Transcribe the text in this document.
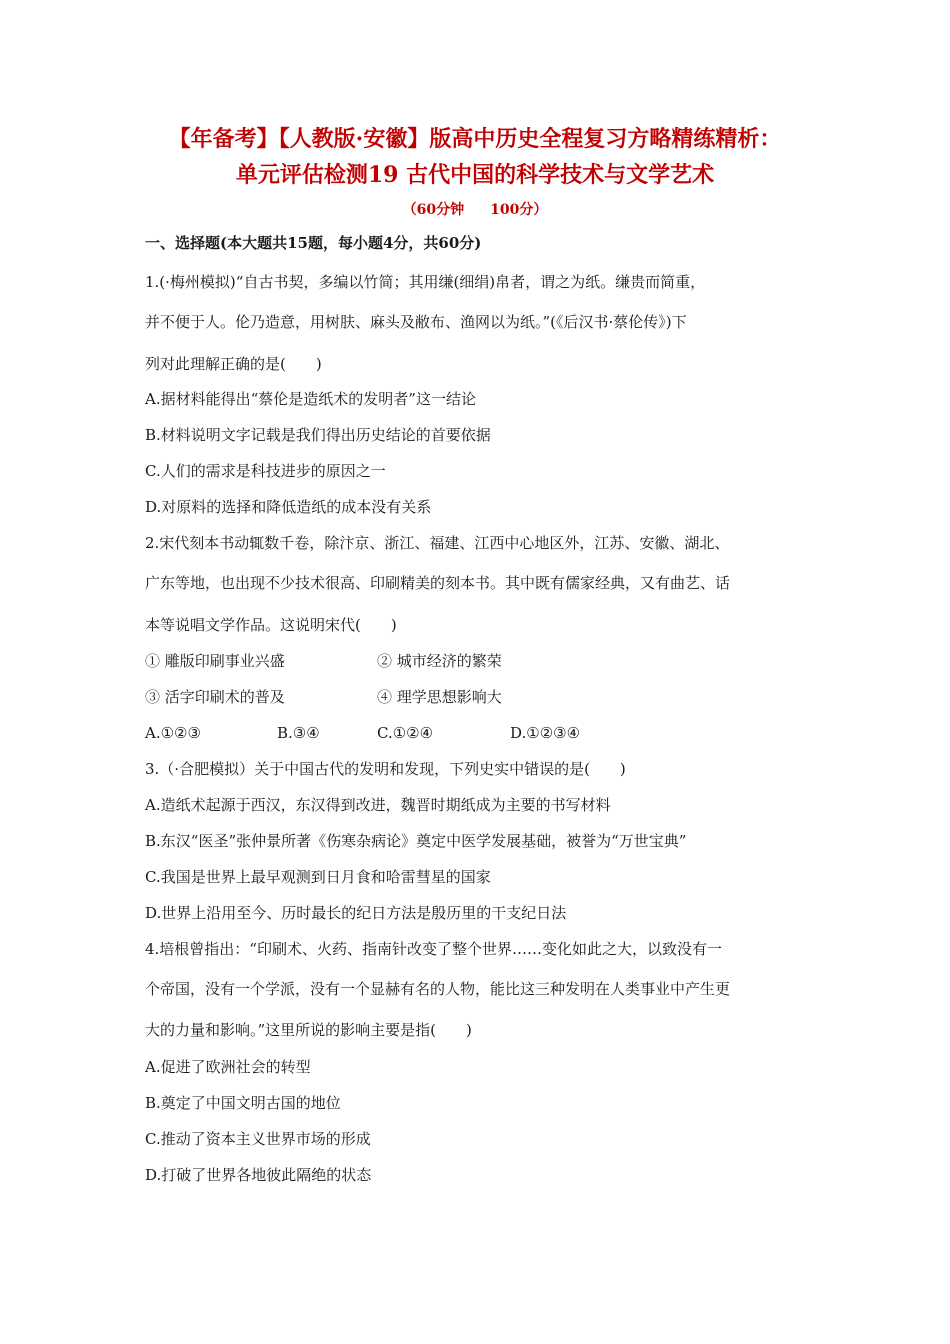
【年备考】【人教版·安徽】版高中历史全程复习方略精练精析：
单元评估检测19 古代中国的科学技术与文学艺术
（60分钟 100分）
一、选择题(本大题共15题，每小题4分，共60分)
1.(·梅州模拟)“自古书契，多编以竹简；其用缣(细绢)帛者，谓之为纸。缣贵而简重，
并不便于人。伦乃造意，用树肤、麻头及敝布、渔网以为纸。”(《后汉书·蔡伦传》)下
列对此理解正确的是(　　)
A.据材料能得出“蔡伦是造纸术的发明者”这一结论
B.材料说明文字记载是我们得出历史结论的首要依据
C.人们的需求是科技进步的原因之一
D.对原料的选择和降低造纸的成本没有关系
2.宋代刻本书动辄数千卷，除汴京、浙江、福建、江西中心地区外，江苏、安徽、湖北、
广东等地，也出现不少技术很高、印刷精美的刻本书。其中既有儒家经典，又有曲艺、话
本等说唱文学作品。这说明宋代(　　)
① 雕版印刷事业兴盛	② 城市经济的繁荣
③ 活字印刷术的普及	④ 理学思想影响大
A.①②③	B.③④	C.①②④	D.①②③④
3.（·合肥模拟）关于中国古代的发明和发现，下列史实中错误的是(　　)
A.造纸术起源于西汉，东汉得到改进，魏晋时期纸成为主要的书写材料
B.东汉“医圣”张仲景所著《伤寒杂病论》奠定中医学发展基础，被誉为“万世宝典”
C.我国是世界上最早观测到日月食和哈雷彗星的国家
D.世界上沿用至今、历时最长的纪日方法是殷历里的干支纪日法
4.培根曾指出：“印刷术、火药、指南针改变了整个世界……变化如此之大，以致没有一
个帝国，没有一个学派，没有一个显赫有名的人物，能比这三种发明在人类事业中产生更
大的力量和影响。”这里所说的影响主要是指(　　)
A.促进了欧洲社会的转型
B.奠定了中国文明古国的地位
C.推动了资本主义世界市场的形成
D.打破了世界各地彼此隔绝的状态
